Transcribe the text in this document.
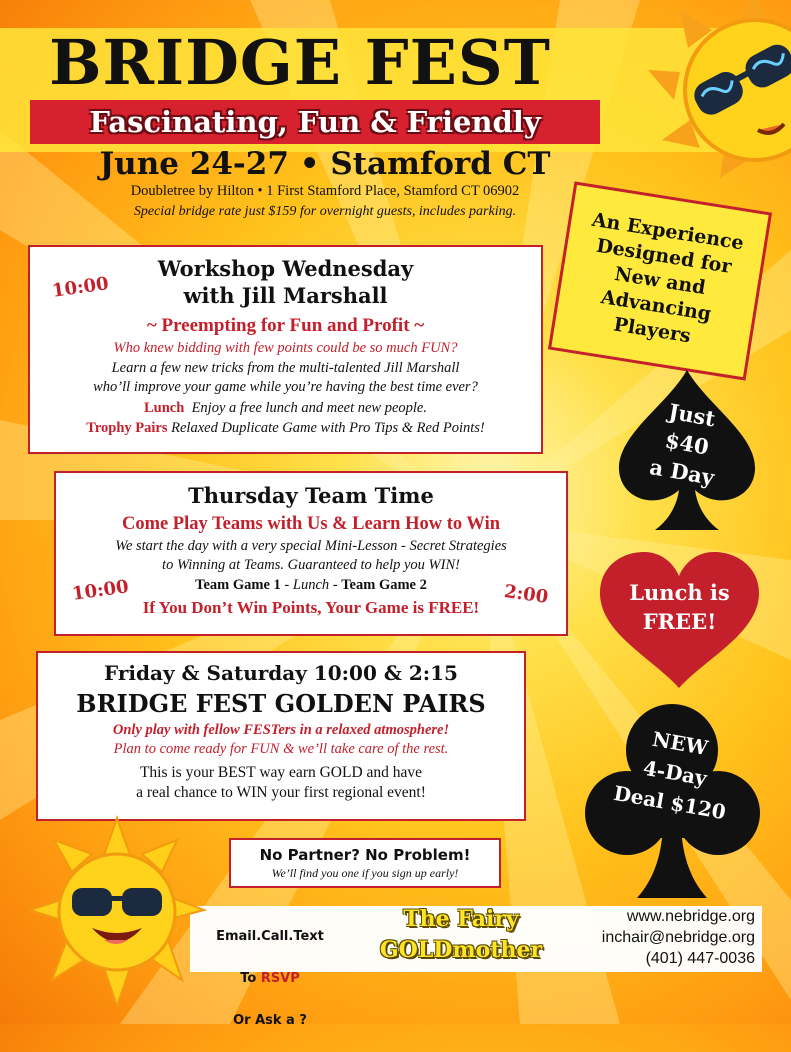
BRIDGE FEST
Fascinating, Fun & Friendly
June 24-27 • Stamford CT
Doubletree by Hilton • 1 First Stamford Place, Stamford CT 06902
Special bridge rate just $159 for overnight guests, includes parking.
Workshop Wednesday
with Jill Marshall
~ Preempting for Fun and Profit ~
Who knew bidding with few points could be so much FUN?
Learn a few new tricks from the multi-talented Jill Marshall
who’ll improve your game while you’re having the best time ever?
Lunch Enjoy a free lunch and meet new people.
Trophy Pairs Relaxed Duplicate Game with Pro Tips & Red Points!
10:00
Thursday Team Time
Come Play Teams with Us & Learn How to Win
We start the day with a very special Mini-Lesson - Secret Strategies
to Winning at Teams. Guaranteed to help you WIN!
Team Game 1 - Lunch - Team Game 2
If You Don’t Win Points, Your Game is FREE!
10:00	2:00
Friday & Saturday 10:00 & 2:15
BRIDGE FEST GOLDEN PAIRS
Only play with fellow FESTers in a relaxed atmosphere!
Plan to come ready for FUN & we’ll take care of the rest.
This is your BEST way earn GOLD and have
a real chance to WIN your first regional event!
An Experience
Designed for
New and
Advancing
Players
Just
$40
a Day
Lunch is
FREE!
NEW
4-Day
Deal $120
No Partner? No Problem!
We’ll find you one if you sign up early!

Email.Call.Text

To RSVP

Or Ask a ?

The Fairy
GOLDmother
www.nebridge.org
inchair@nebridge.org
(401) 447-0036
